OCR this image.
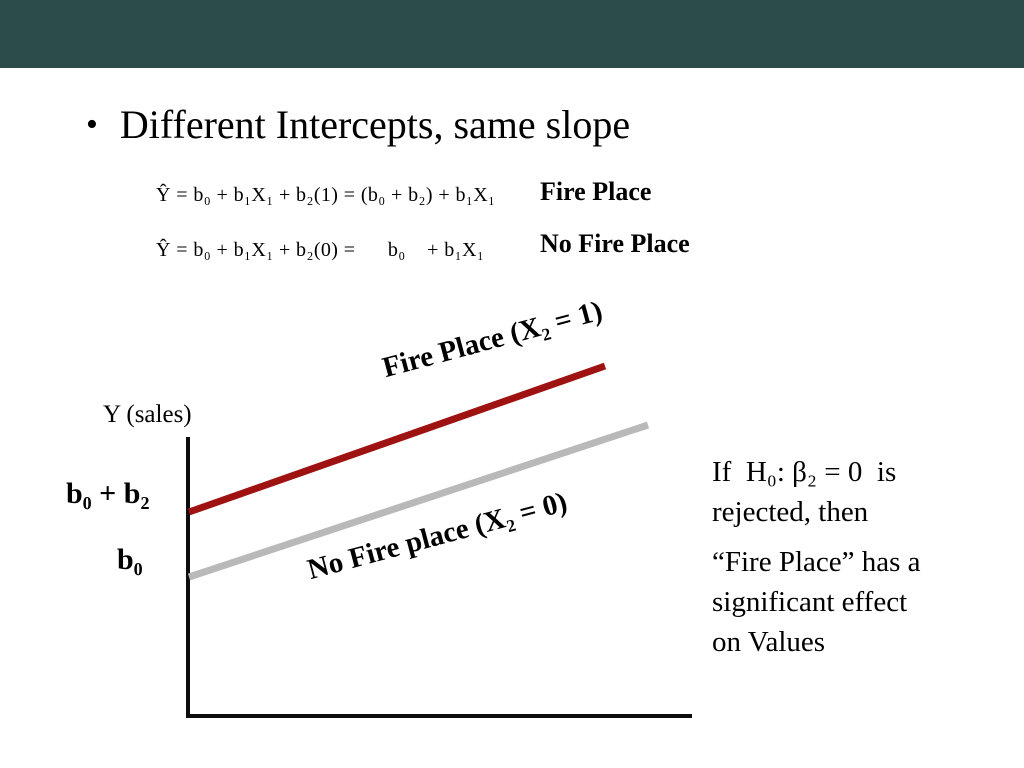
• Different Intercepts, same slope
Ŷ = b₀ + b₁X₁ + b₂(1) = (b₀ + b₂) + b₁X₁
Ŷ = b₀ + b₁X₁ + b₂(0) =      b₀    + b₁X₁
Fire Place
No Fire Place
Y (sales)
b₀ + b₂
b₀
Fire Place (X₂ = 1)
No Fire place (X₂ = 0)
If  H₀: β₂ = 0  is
rejected, then
“Fire Place” has a
significant effect
on Values
